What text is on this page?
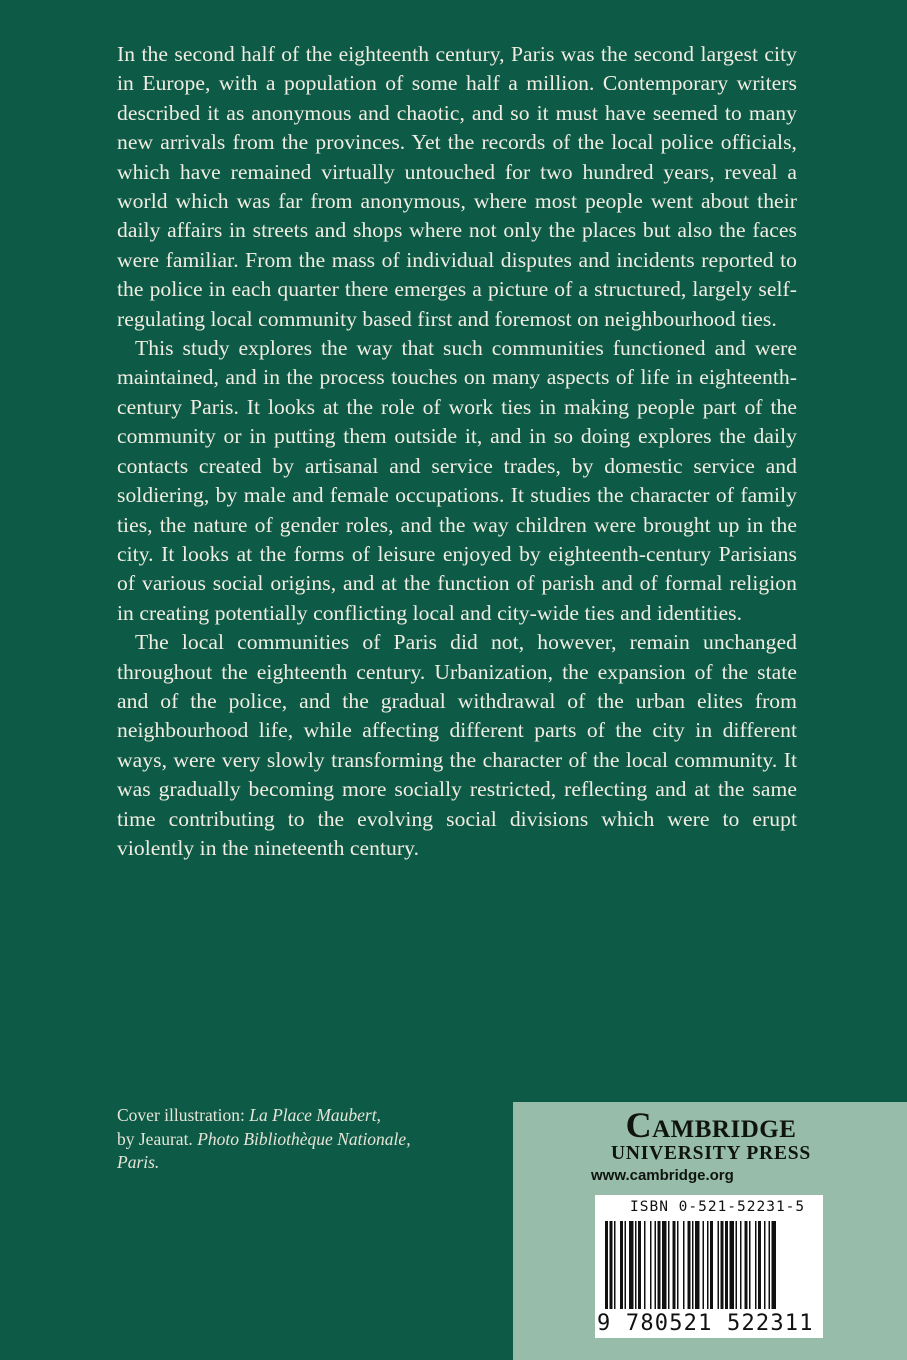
In the second half of the eighteenth century, Paris was the second largest city in Europe, with a population of some half a million. Contemporary writers described it as anonymous and chaotic, and so it must have seemed to many new arrivals from the provinces. Yet the records of the local police officials, which have remained virtually untouched for two hundred years, reveal a world which was far from anonymous, where most people went about their daily affairs in streets and shops where not only the places but also the faces were familiar. From the mass of individual disputes and incidents reported to the police in each quarter there emerges a picture of a structured, largely self-regulating local community based first and foremost on neighbourhood ties.

This study explores the way that such communities functioned and were maintained, and in the process touches on many aspects of life in eighteenth-century Paris. It looks at the role of work ties in making people part of the community or in putting them outside it, and in so doing explores the daily contacts created by artisanal and service trades, by domestic service and soldiering, by male and female occupations. It studies the character of family ties, the nature of gender roles, and the way children were brought up in the city. It looks at the forms of leisure enjoyed by eighteenth-century Parisians of various social origins, and at the function of parish and of formal religion in creating potentially conflicting local and city-wide ties and identities.

The local communities of Paris did not, however, remain unchanged throughout the eighteenth century. Urbanization, the expansion of the state and of the police, and the gradual withdrawal of the urban elites from neighbourhood life, while affecting different parts of the city in different ways, were very slowly transforming the character of the local community. It was gradually becoming more socially restricted, reflecting and at the same time contributing to the evolving social divisions which were to erupt violently in the nineteenth century.

Cover illustration: La Place Maubert,
by Jeaurat. Photo Bibliothèque Nationale, Paris.
Cambridge
UNIVERSITY PRESS
www.cambridge.org
ISBN 0-521-52231-5
9 780521 522311
